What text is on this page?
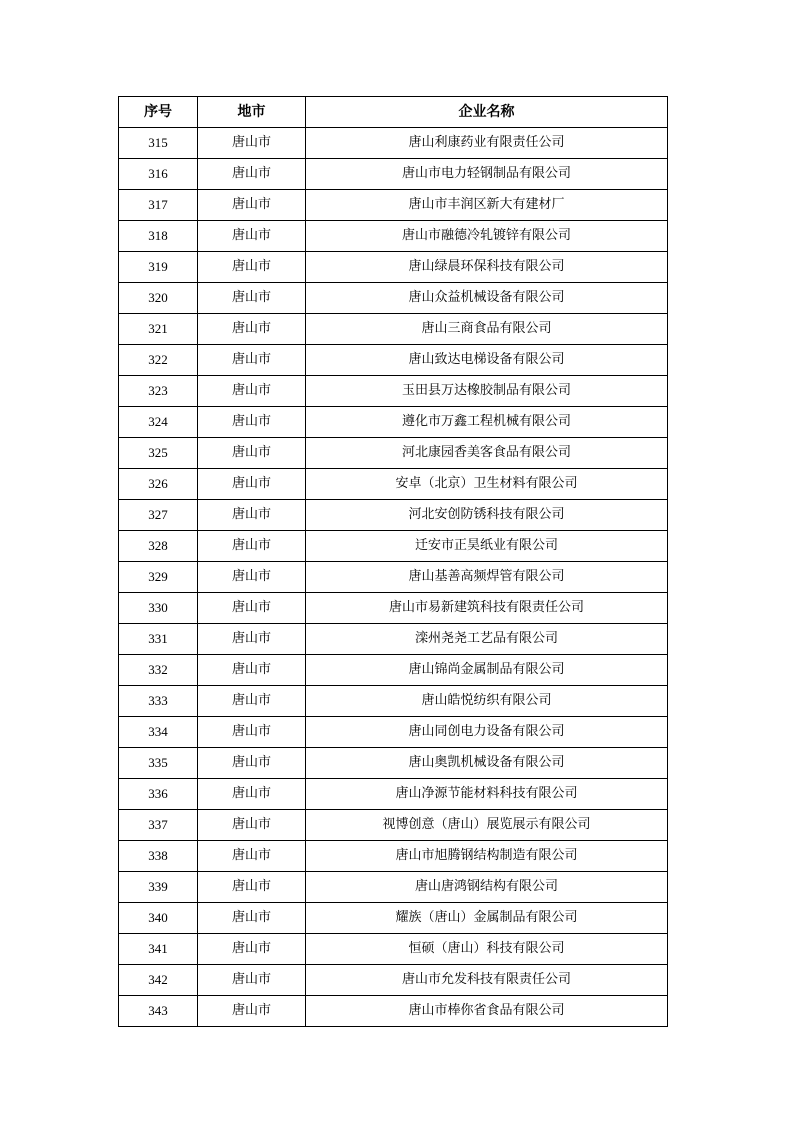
序号	地市	企业名称
315	唐山市	唐山利康药业有限责任公司
316	唐山市	唐山市电力轻钢制品有限公司
317	唐山市	唐山市丰润区新大有建材厂
318	唐山市	唐山市融德冷轧镀锌有限公司
319	唐山市	唐山绿晨环保科技有限公司
320	唐山市	唐山众益机械设备有限公司
321	唐山市	唐山三商食品有限公司
322	唐山市	唐山致达电梯设备有限公司
323	唐山市	玉田县万达橡胶制品有限公司
324	唐山市	遵化市万鑫工程机械有限公司
325	唐山市	河北康园香美客食品有限公司
326	唐山市	安卓（北京）卫生材料有限公司
327	唐山市	河北安创防锈科技有限公司
328	唐山市	迁安市正昊纸业有限公司
329	唐山市	唐山基善高频焊管有限公司
330	唐山市	唐山市易新建筑科技有限责任公司
331	唐山市	滦州尧尧工艺品有限公司
332	唐山市	唐山锦尚金属制品有限公司
333	唐山市	唐山皓悦纺织有限公司
334	唐山市	唐山同创电力设备有限公司
335	唐山市	唐山奥凯机械设备有限公司
336	唐山市	唐山净源节能材料科技有限公司
337	唐山市	视博创意（唐山）展览展示有限公司
338	唐山市	唐山市旭腾钢结构制造有限公司
339	唐山市	唐山唐鸿钢结构有限公司
340	唐山市	耀族（唐山）金属制品有限公司
341	唐山市	恒硕（唐山）科技有限公司
342	唐山市	唐山市允发科技有限责任公司
343	唐山市	唐山市棒你省食品有限公司
